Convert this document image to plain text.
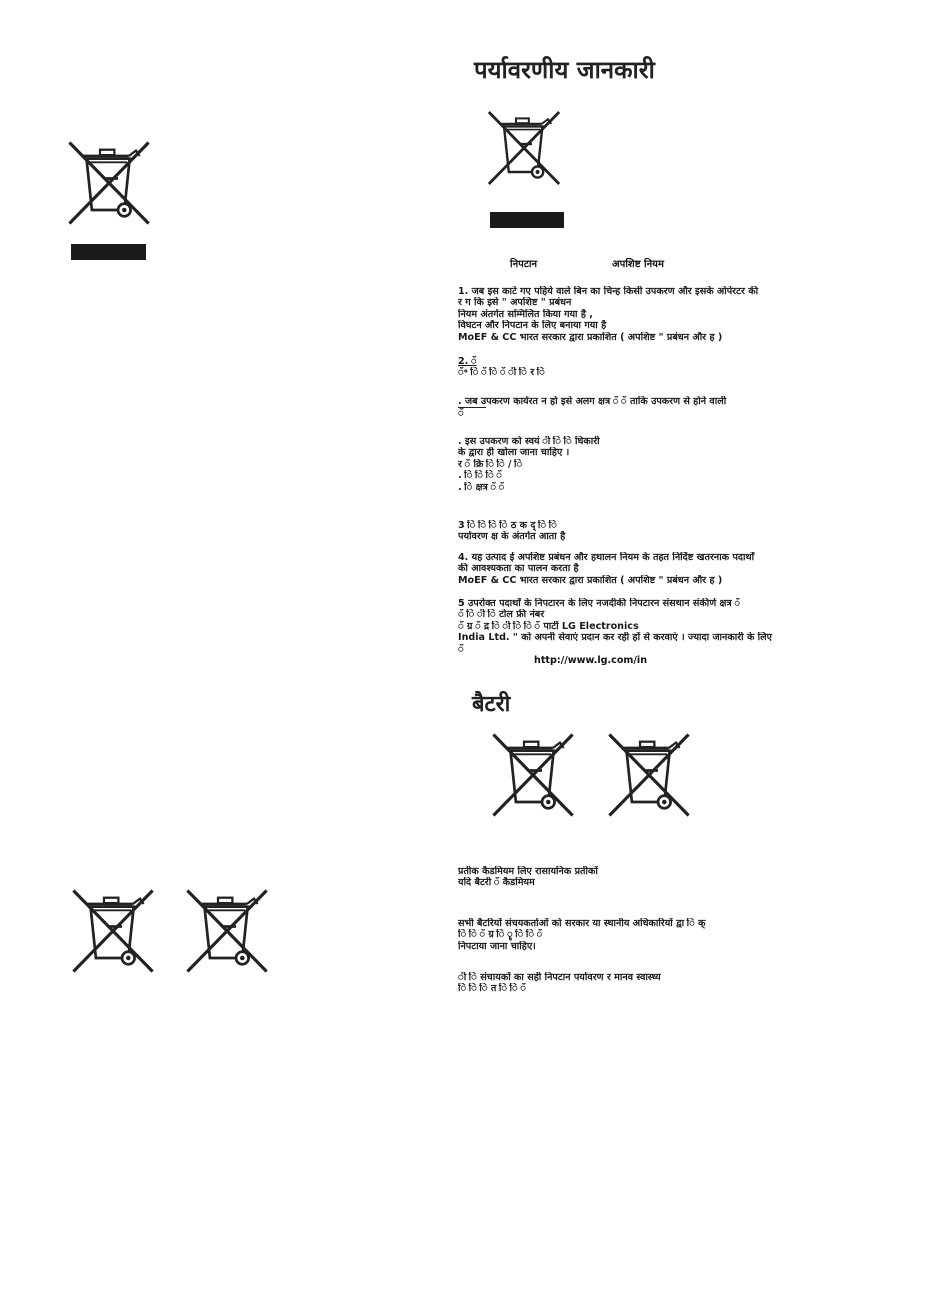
पर्यावरणीय जानकारी
निपटान	अपशिष्ट नियम
1. जब इस काटे गए पहिये वाले बिन का चिन्ह किसी उपकरण और इसके ओपेरटर की
र ग कि इसे " अपशिष्ट " प्रबंधन
नियम अंतर्गत सम्मिलित किया गया है ,
विघटन और निपटान के लिए बनाया गया है
MoEF & CC भारत सरकार द्वारा प्रकाशित ( अपशिष्ट " प्रबंधन और ह )
2. ॅ
ॅ॰ ि ॅ ि ॅ ी ि र ि
. जब उपकरण कार्यरत न हो इसे अलग क्षत्र ॅ ॅ ताकि उपकरण से होने वाली
ॅ
. इस उपकरण को स्वयं ी ि ि धिकारी
के द्वारा ही खोला जाना चाहिए ।
र ॅ क्रि ि ि / ि
. ि ि ि ॅ
. ि क्षत्र ॅ ॅ
3 ि ि ि ि ठ क द् ि ि
पर्यावरण क्ष के अंतर्गत आता है
4. यह उत्पाद ई अपशिष्ट प्रबंधन और हथालन नियम के तहत निर्दिष्ट खतरनाक पदार्थों
की आवश्यकता का पालन करता है
MoEF & CC भारत सरकार द्वारा प्रकाशित ( अपशिष्ट " प्रबंधन और ह )
5 उपरोक्त पदार्थों के निपटारन के लिए नजदीकी निपटारन संसथान संकीर्ण क्षत्र ॅ
ॅ ि ी ि टोल फ्री नंबर
ॅ ग्र ॅ द्र ि ी ि ि ॅ पार्टी LG Electronics
India Ltd. " को अपनी सेवाएं प्रदान कर रही हों से करवाएं । ज्यादा जानकारी के लिए
ॅ
http://www.lg.com/in
बैटरी
प्रतीक कैडमियम लिए रासायनिक प्रतीकों
यदि बैटरी ॅ कैडमियम
सभी बैटरियों संचयकर्ताओं को सरकार या स्थानीय अधिकारियों द्वा ि क्
ि ि ॅ ग्र ि ॄ ि ि ॅ
निपटाया जाना चाहिए।
ी ि संचायकों का सही निपटान पर्यावरण र मानव स्वास्थ्य
ि ि ि त ि ि ॅ
